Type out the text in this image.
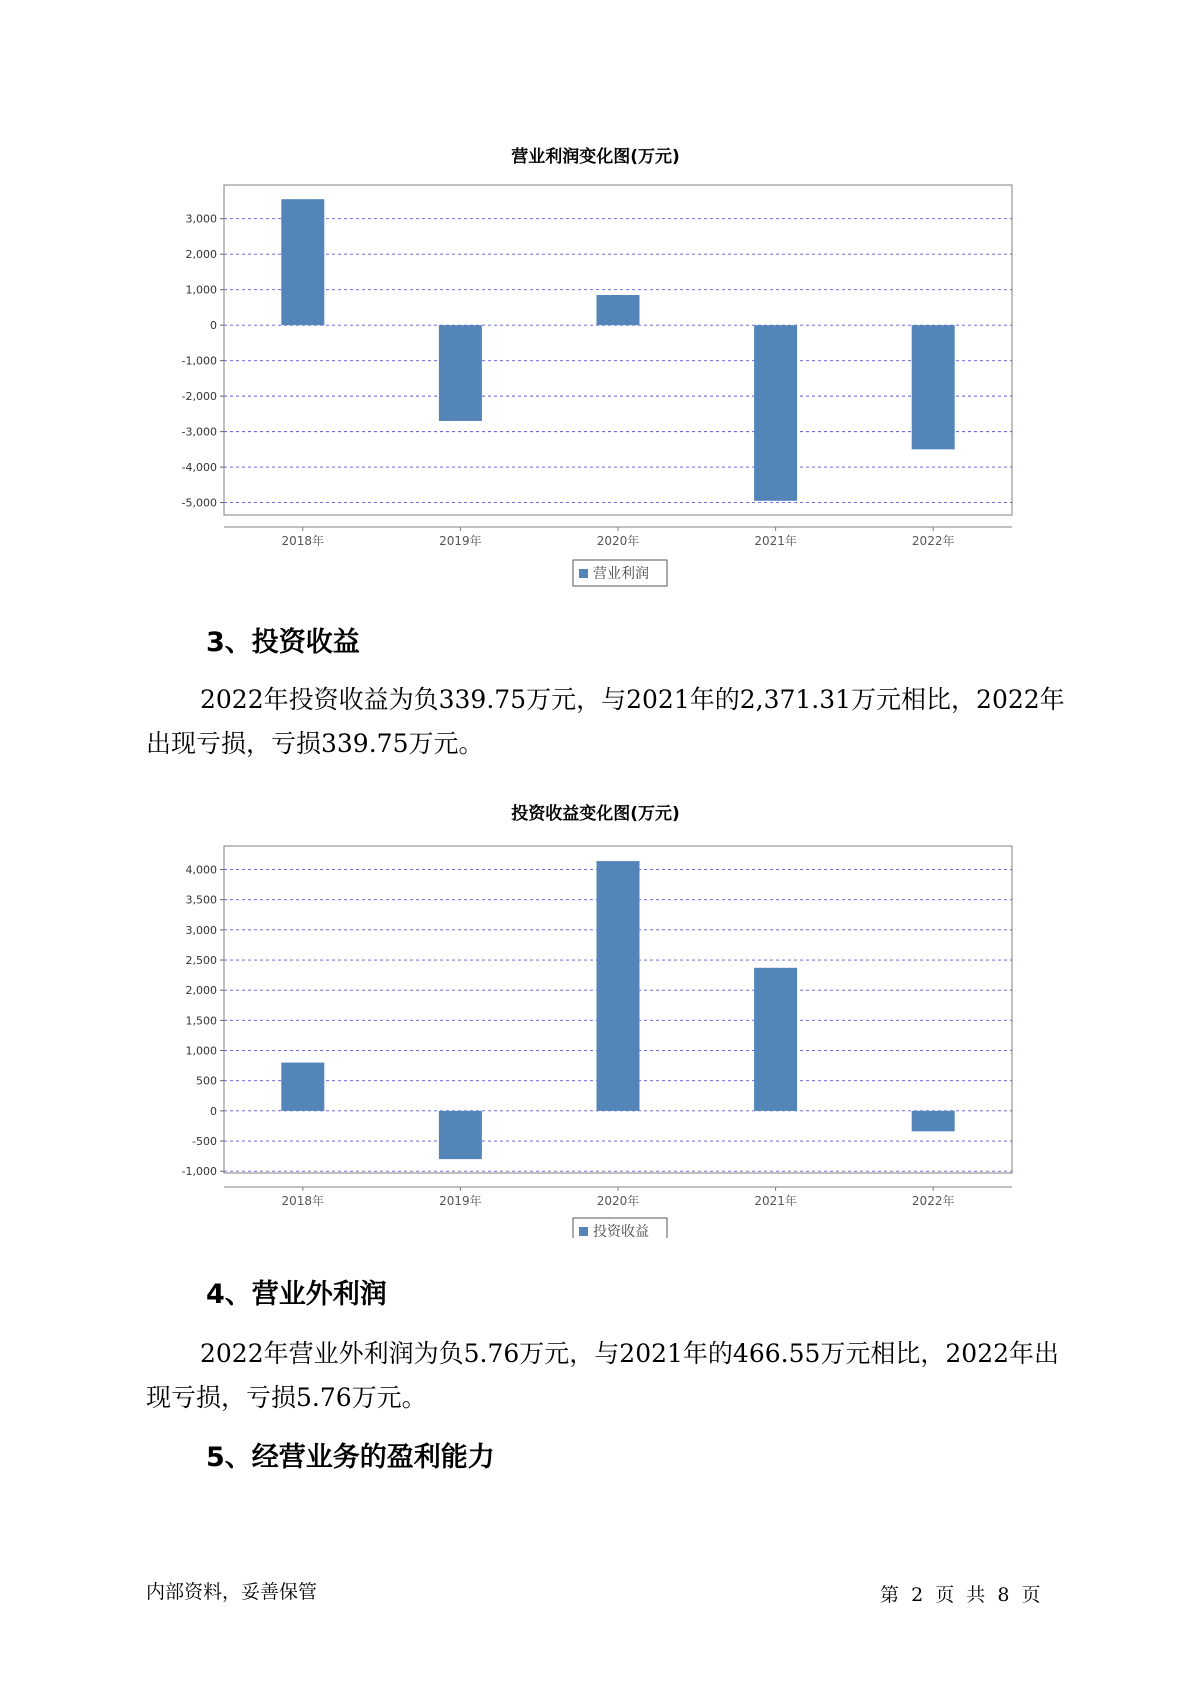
营业利润变化图(万元)
3,000
2,000
1,000
0
-1,000
-2,000
-3,000
-4,000
-5,000
2018年	2019年	2020年	2021年	2022年
营业利润
3、投资收益
2022年投资收益为负339.75万元，与2021年的2,371.31万元相比，2022年出现亏损，亏损339.75万元。
投资收益变化图(万元)
4,000
3,500
3,000
2,500
2,000
1,500
1,000
500
0
-500
-1,000
2018年	2019年	2020年	2021年	2022年
投资收益
4、营业外利润
2022年营业外利润为负5.76万元，与2021年的466.55万元相比，2022年出现亏损，亏损5.76万元。
5、经营业务的盈利能力
内部资料，妥善保管	第 2 页  共 8 页
